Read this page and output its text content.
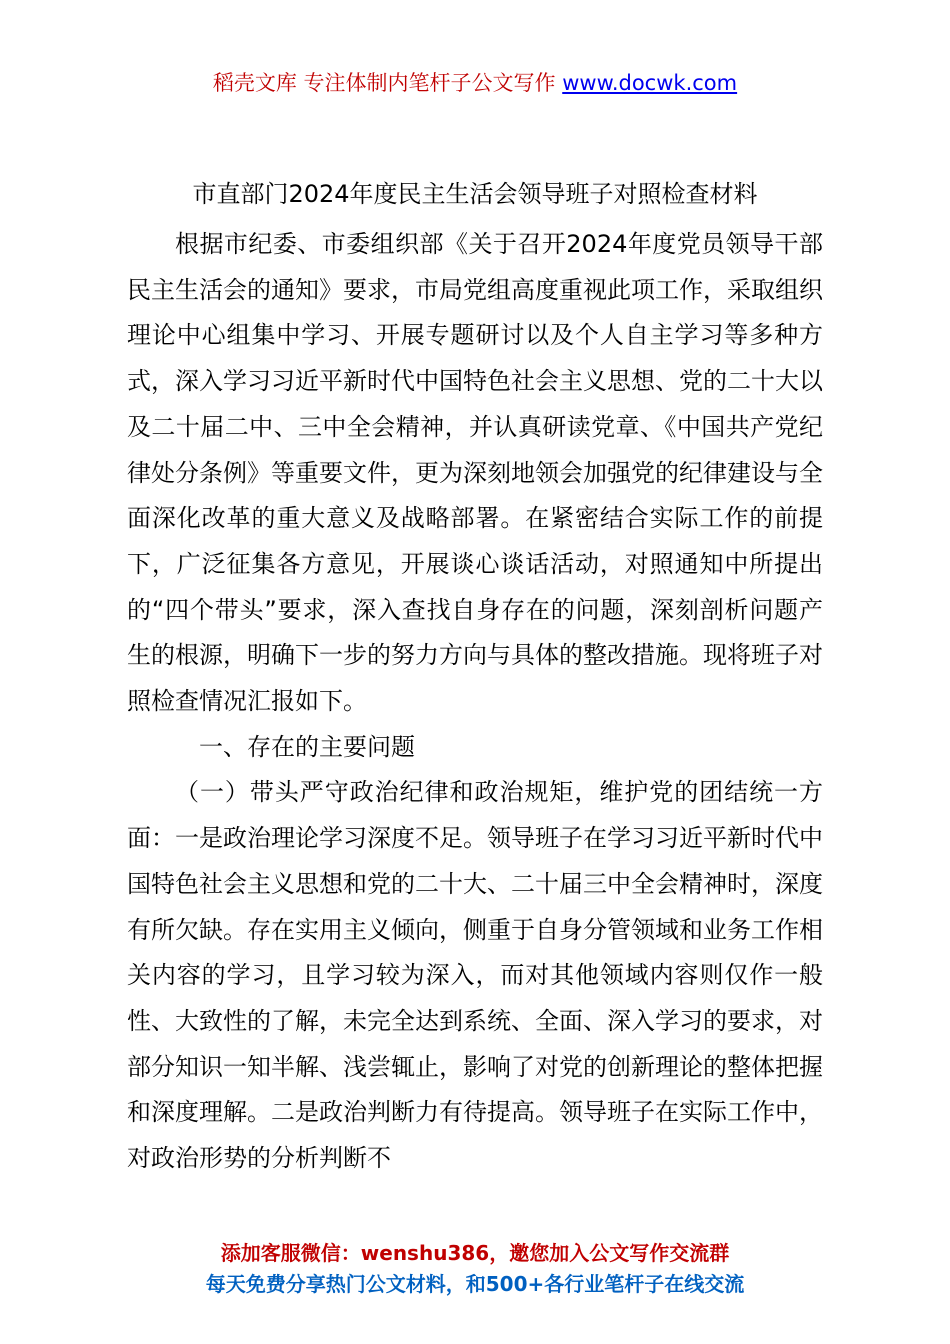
稻壳文库 专注体制内笔杆子公文写作 www.docwk.com
市直部门2024年度民主生活会领导班子对照检查材料

根据市纪委、市委组织部《关于召开2024年度党员领导干部民主生活会的通知》要求，市局党组高度重视此项工作，采取组织理论中心组集中学习、开展专题研讨以及个人自主学习等多种方式，深入学习习近平新时代中国特色社会主义思想、党的二十大以及二十届二中、三中全会精神，并认真研读党章、《中国共产党纪律处分条例》等重要文件，更为深刻地领会加强党的纪律建设与全面深化改革的重大意义及战略部署。在紧密结合实际工作的前提下，广泛征集各方意见，开展谈心谈话活动，对照通知中所提出的“四个带头”要求，深入查找自身存在的问题，深刻剖析问题产生的根源，明确下一步的努力方向与具体的整改措施。现将班子对照检查情况汇报如下。

一、存在的主要问题

（一）带头严守政治纪律和政治规矩，维护党的团结统一方面：一是政治理论学习深度不足。领导班子在学习习近平新时代中国特色社会主义思想和党的二十大、二十届三中全会精神时，深度有所欠缺。存在实用主义倾向，侧重于自身分管领域和业务工作相关内容的学习，且学习较为深入，而对其他领域内容则仅作一般性、大致性的了解，未完全达到系统、全面、深入学习的要求，对部分知识一知半解、浅尝辄止，影响了对党的创新理论的整体把握和深度理解。二是政治判断力有待提高。领导班子在实际工作中，对政治形势的分析判断不

添加客服微信：wenshu386，邀您加入公文写作交流群
每天免费分享热门公文材料，和500+各行业笔杆子在线交流
